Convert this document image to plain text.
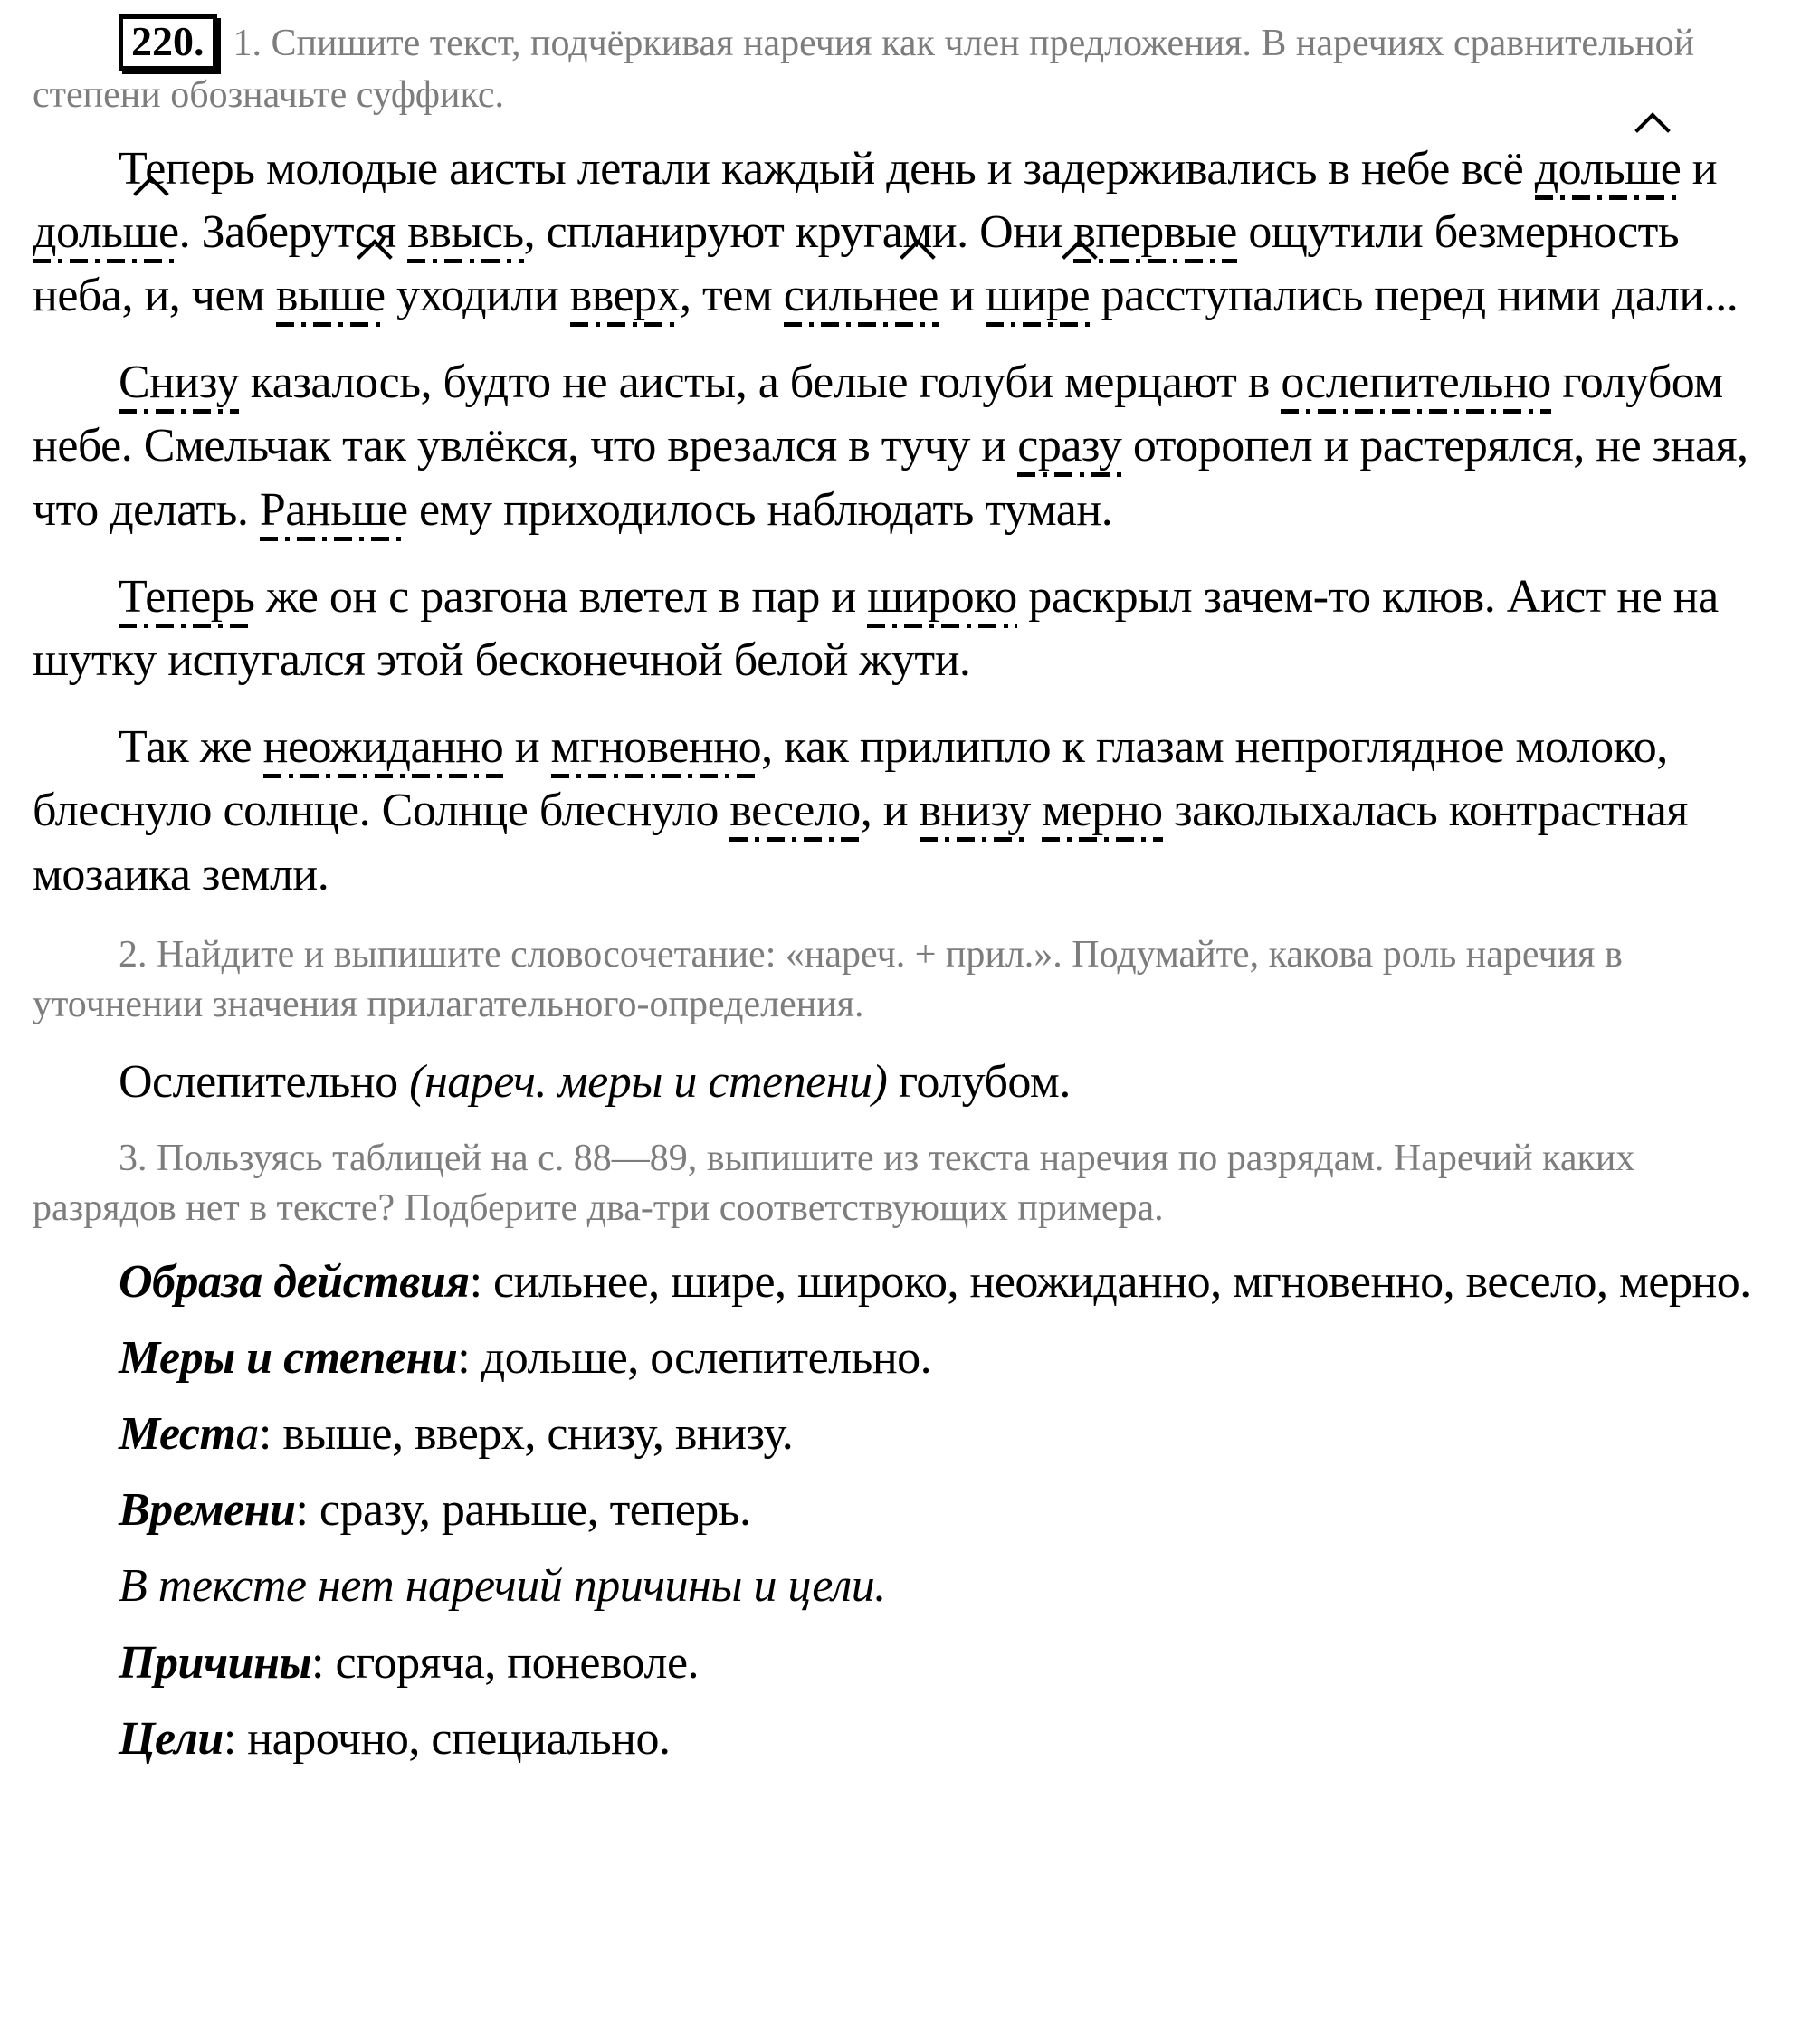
220. 1. Спишите текст, подчёркивая наречия как член предложения. В наречиях сравнительной степени обозначьте суффикс.

Теперь молодые аисты летали каждый день и задерживались в небе всё дольше и дольше. Заберутся ввысь, спланируют кругами. Они впервые ощутили безмерность неба, и, чем выше уходили вверх, тем сильнее и шире расступались перед ними дали...

Снизу казалось, будто не аисты, а белые голуби мерцают в ослепительно голубом небе. Смельчак так увлёкся, что врезался в тучу и сразу оторопел и растерялся, не зная, что делать. Раньше ему приходилось наблюдать туман.

Теперь же он с разгона влетел в пар и широко раскрыл зачем-то клюв. Аист не на шутку испугался этой бесконечной белой жути.

Так же неожиданно и мгновенно, как прилипло к глазам непроглядное молоко, блеснуло солнце. Солнце блеснуло весело, и внизу мерно заколыхалась контрастная мозаика земли.

2. Найдите и выпишите словосочетание: «нареч. + прил.». Подумайте, какова роль наречия в уточнении значения прилагательного-определения.

Ослепительно (нареч. меры и степени) голубом.

3. Пользуясь таблицей на с. 88—89, выпишите из текста наречия по разрядам. Наречий каких разрядов нет в тексте? Подберите два-три соответствующих примера.

Образа действия: сильнее, шире, широко, неожиданно, мгновенно, весело, мерно.

Меры и степени: дольше, ослепительно.

Места: выше, вверх, снизу, внизу.

Времени: сразу, раньше, теперь.

В тексте нет наречий причины и цели.

Причины: сгоряча, поневоле.

Цели: нарочно, специально.
